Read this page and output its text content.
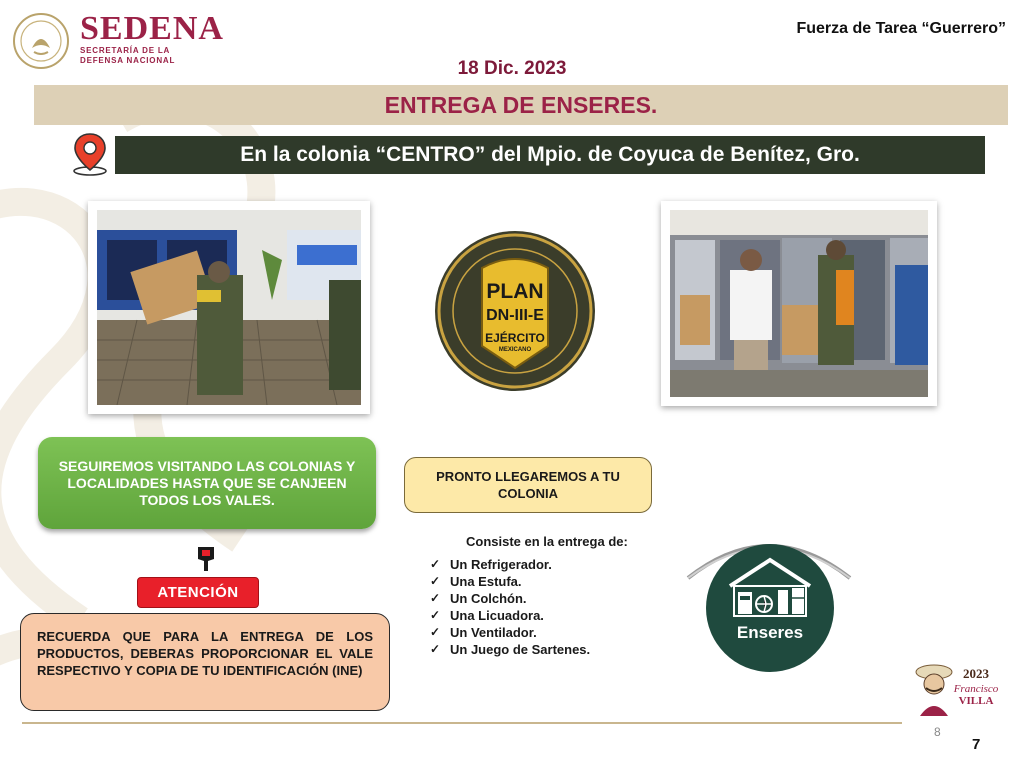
SEDENA
SECRETARÍA DE LA
DEFENSA NACIONAL
Fuerza de Tarea “Guerrero”
18 Dic. 2023
ENTREGA DE ENSERES.
En la colonia “CENTRO” del Mpio. de Coyuca de Benítez, Gro.
PLAN
DN-III-E
EJÉRCITO
MEXICANO
SEGUIREMOS VISITANDO LAS COLONIAS Y LOCALIDADES HASTA QUE SE CANJEEN TODOS LOS VALES.
PRONTO LLEGAREMOS A TU COLONIA
ATENCIÓN

RECUERDA QUE PARA LA ENTREGA DE LOS PRODUCTOS, DEBERAS PROPORCIONAR EL VALE RESPECTIVO Y COPIA DE TU IDENTIFICACIÓN (INE)

Consiste en la entrega de:
✓ Un Refrigerador.
✓ Una Estufa.
✓ Un Colchón.
✓ Una Licuadora.
✓ Un Ventilador.
✓ Un Juego de Sartenes.
Enseres
2023
Francisco
VILLA
8
7
